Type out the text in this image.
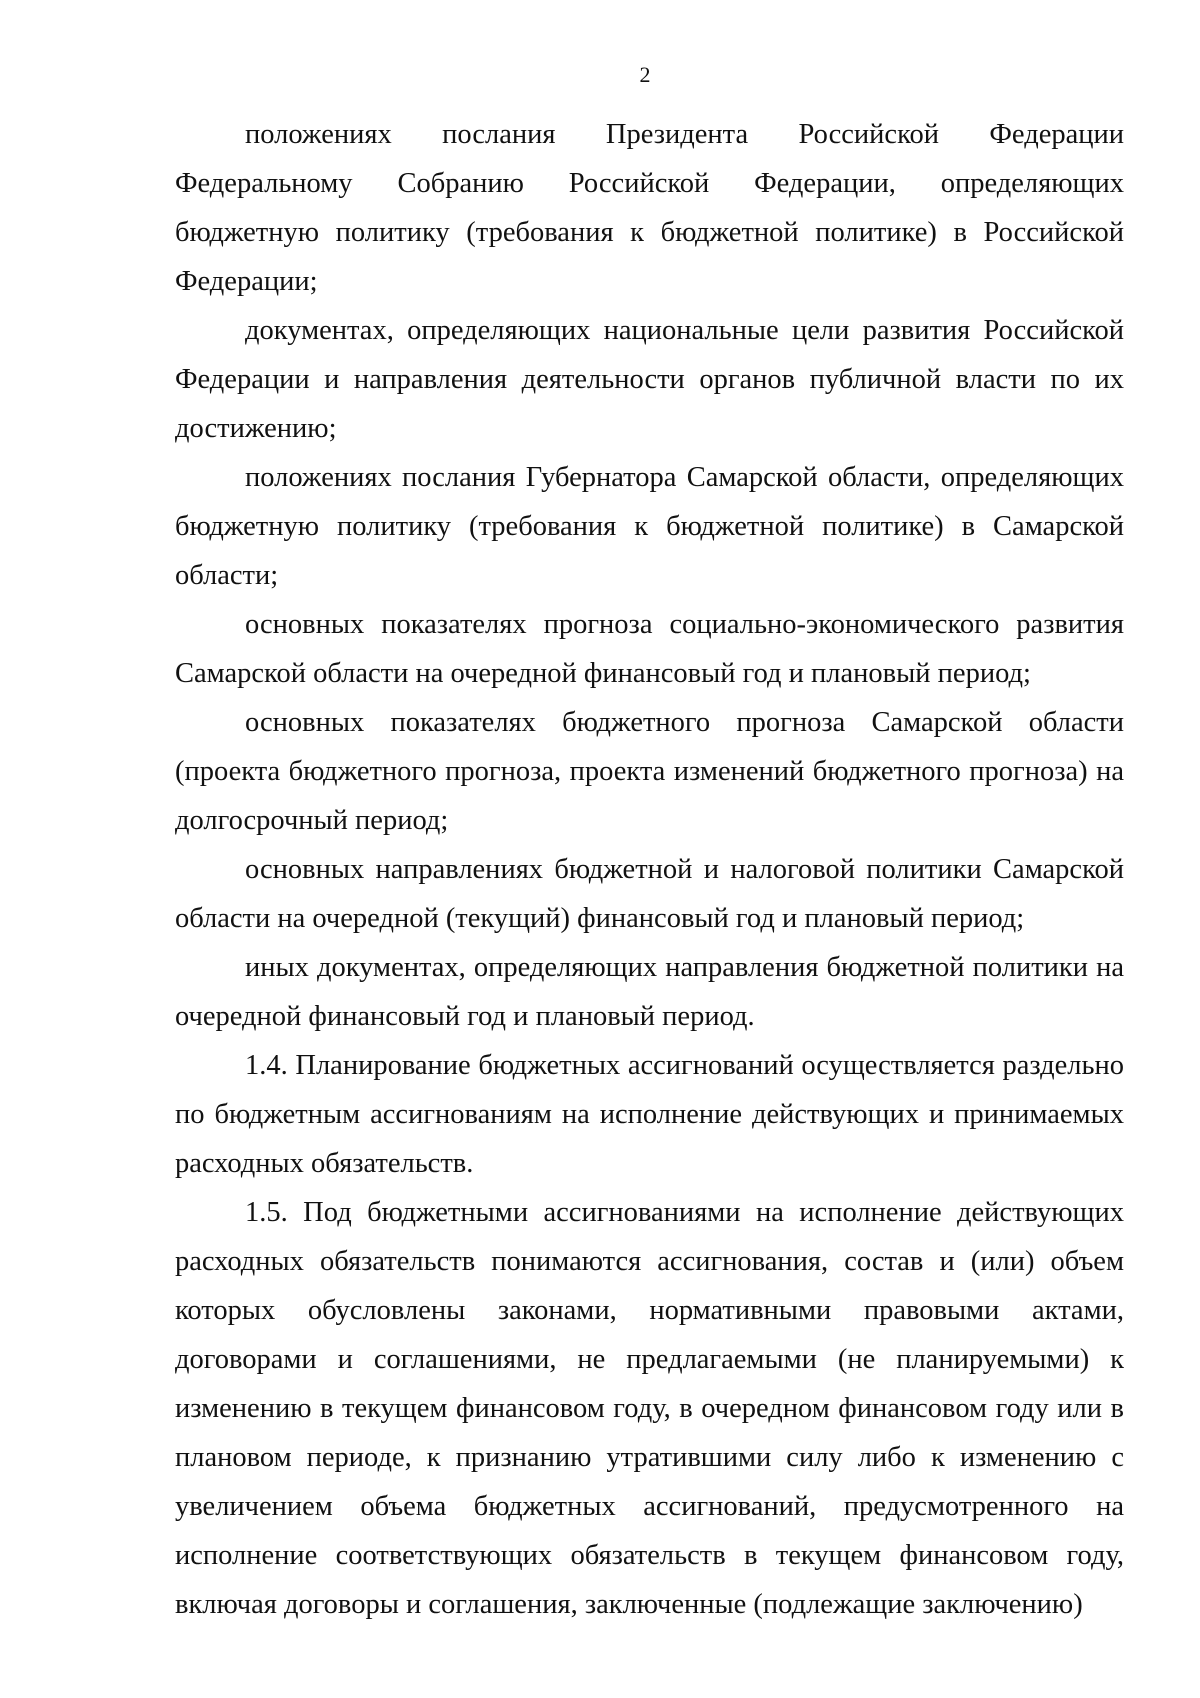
2

положениях послания Президента Российской Федерации Федеральному Собранию Российской Федерации, определяющих бюджетную политику (требования к бюджетной политике) в Российской Федерации;

документах, определяющих национальные цели развития Российской Федерации и направления деятельности органов публичной власти по их достижению;

положениях послания Губернатора Самарской области, определяющих бюджетную политику (требования к бюджетной политике) в Самарской области;

основных показателях прогноза социально-экономического развития Самарской области на очередной финансовый год и плановый период;

основных показателях бюджетного прогноза Самарской области (проекта бюджетного прогноза, проекта изменений бюджетного прогноза) на долгосрочный период;

основных направлениях бюджетной и налоговой политики Самарской области на очередной (текущий) финансовый год и плановый период;

иных документах, определяющих направления бюджетной политики на очередной финансовый год и плановый период.

1.4. Планирование бюджетных ассигнований осуществляется раздельно по бюджетным ассигнованиям на исполнение действующих и принимаемых расходных обязательств.

1.5. Под бюджетными ассигнованиями на исполнение действующих расходных обязательств понимаются ассигнования, состав и (или) объем которых обусловлены законами, нормативными правовыми актами, договорами и соглашениями, не предлагаемыми (не планируемыми) к изменению в текущем финансовом году, в очередном финансовом году или в плановом периоде, к признанию утратившими силу либо к изменению с увеличением объема бюджетных ассигнований, предусмотренного на исполнение соответствующих обязательств в текущем финансовом году, включая договоры и соглашения, заключенные (подлежащие заключению)
